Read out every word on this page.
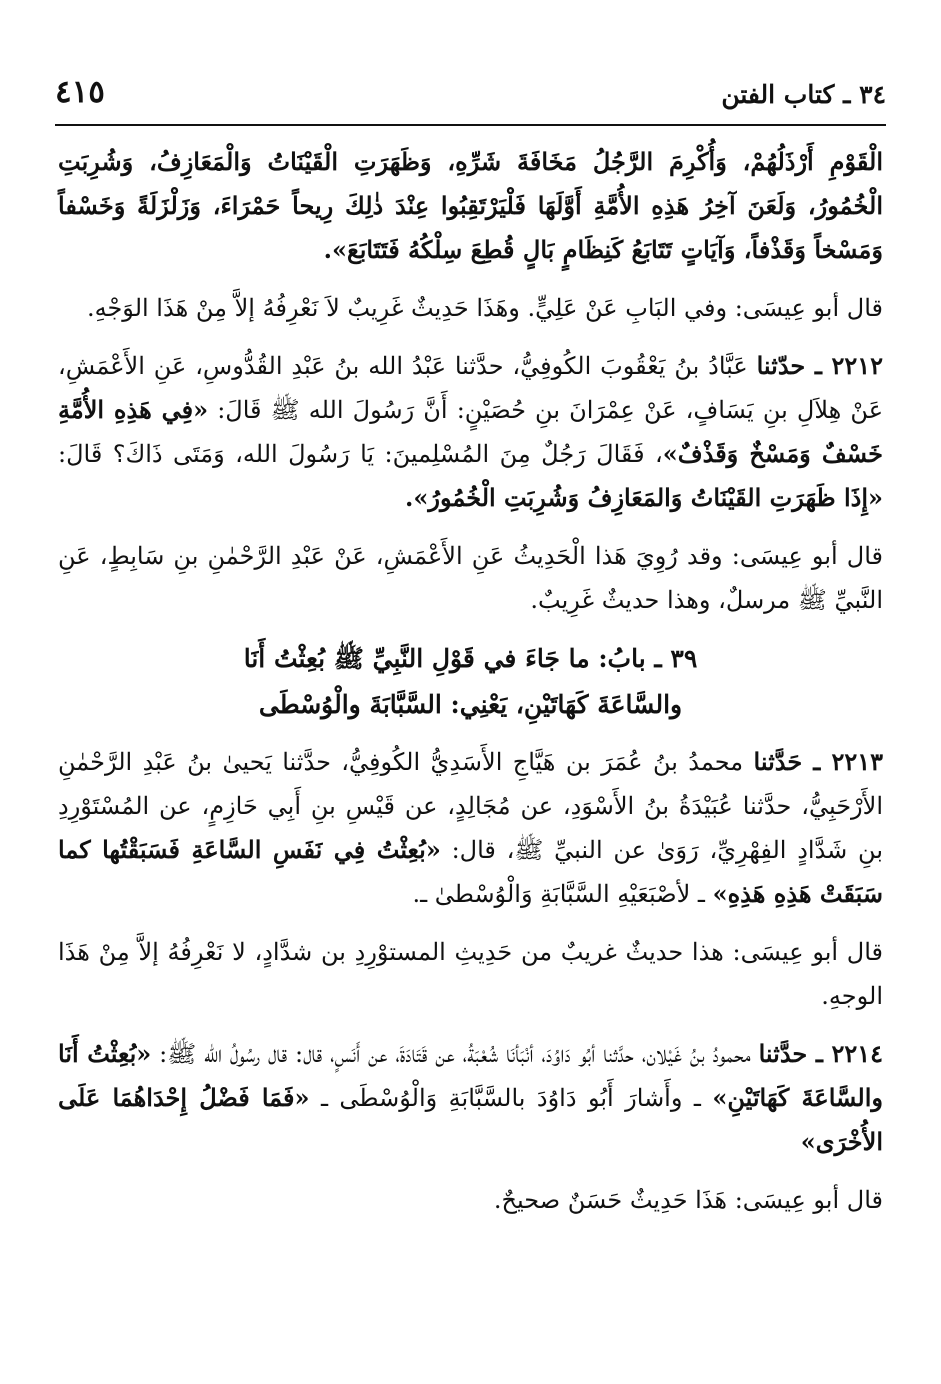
٤١٥	٣٤ ـ كتاب الفتن

الْقَوْمِ أَرْذَلُهُمْ، وَأُكْرِمَ الرَّجُلُ مَخَافَةَ شَرِّهِ، وَظَهَرَتِ الْقَيْنَاتُ وَالْمَعَازِفُ، وَشُرِبَتِ الْخُمُورُ، وَلَعَنَ آخِرُ هَذِهِ الأُمَّةِ أَوَّلَهَا فَلْيَرْتَقِبُوا عِنْدَ ذٰلِكَ رِيحاً حَمْرَاءَ، وَزَلْزَلَةً وَخَسْفاً وَمَسْخاً وَقَذْفاً، وَآيَاتٍ تَتَابَعُ كَنِظَامٍ بَالٍ قُطِعَ سِلْكُهُ فَتَتَابَعَ».

قال أبو عِيسَى: وفي البَابِ عَنْ عَلِيٍّ. وهَذَا حَدِيثٌ غَرِيبٌ لاَ نَعْرِفُهُ إلاَّ مِنْ هَذَا الوَجْهِ.

٢٢١٢ ـ حدّثنا عَبَّادُ بنُ يَعْقُوبَ الكُوفِيُّ، حدَّثنا عَبْدُ الله بنُ عَبْدِ القُدُّوسِ، عَنِ الأَعْمَشِ، عَنْ هِلاَلِ بنِ يَسَافٍ، عَنْ عِمْرَانَ بنِ حُصَيْنٍ: أَنَّ رَسُولَ الله ﷺ قَالَ: «فِي هَذِهِ الأُمَّةِ خَسْفٌ وَمَسْخٌ وَقَذْفٌ»، فَقَالَ رَجُلٌ مِنَ المُسْلِمينَ: يَا رَسُولَ الله، وَمَتَى ذَاكَ؟ قَالَ: «إِذَا ظَهَرَتِ القَيْنَاتُ وَالمَعَازِفُ وَشُرِبَتِ الْخُمُورُ».

قال أبو عِيسَى: وقد رُوِيَ هَذا الْحَدِيثُ عَنِ الأَعْمَشِ، عَنْ عَبْدِ الرَّحْمٰنِ بنِ سَابِطٍ، عَنِ النَّبيِّ ﷺ مرسلٌ، وهذا حديثٌ غَرِيبٌ.

٣٩ ـ بابُ: ما جَاءَ في قَوْلِ النَّبِيِّ ﷺ بُعِثْتُ أَنَا
والسَّاعَةَ كَهَاتَيْنِ، يَعْنِي: السَّبَّابَةَ والْوُسْطَى

٢٢١٣ ـ حَدَّثنا محمدُ بنُ عُمَرَ بن هَيَّاجِ الأَسَدِيُّ الكُوفِيُّ، حدَّثنا يَحيىٰ بنُ عَبْدِ الرَّحْمٰنِ الأَرْحَبِيُّ، حدَّثنا عُبَيْدَةُ بنُ الأَسْوَدِ، عن مُجَالِدٍ، عن قَيْسِ بنِ أَبِي حَازِمٍ، عن المُسْتَوْرِدِ بنِ شَدَّادٍ الفِهْرِيِّ، رَوَىٰ عن النبيِّ ﷺ، قال: «بُعِثْتُ فِي نَفَسِ السَّاعَةِ فَسَبَقْتُها كما سَبَقَتْ هَذِهِ هَذِهِ» ـ لأصْبَعَيْهِ السَّبَّابَةِ وَالْوُسْطىٰ ـ.

قال أبو عِيسَى: هذا حديثٌ غريبٌ من حَدِيثِ المستوْرِدِ بن شدَّادٍ، لا نَعْرِفُهُ إلاَّ مِنْ هَذَا الوجهِ.

٢٢١٤ ـ حدَّثنا محمودُ بنُ غَيْلان، حدَّثنا أبُو دَاوُدَ، أنْبَأنَا شُعْبَةُ، عن قَتَادَةَ، عن أَنَسٍ، قال: قال رسُولُ الله ﷺ: «بُعِثْتُ أَنَا والسَّاعَةَ كَهَاتَيْنِ» ـ وأَشارَ أَبُو دَاوُدَ بالسَّبَّابَةِ وَالْوُسْطَى ـ «فَمَا فَضْلُ إِحْدَاهُمَا عَلَى الأُخْرَى»

قال أبو عِيسَى: هَذَا حَدِيثٌ حَسَنٌ صحيحٌ.
